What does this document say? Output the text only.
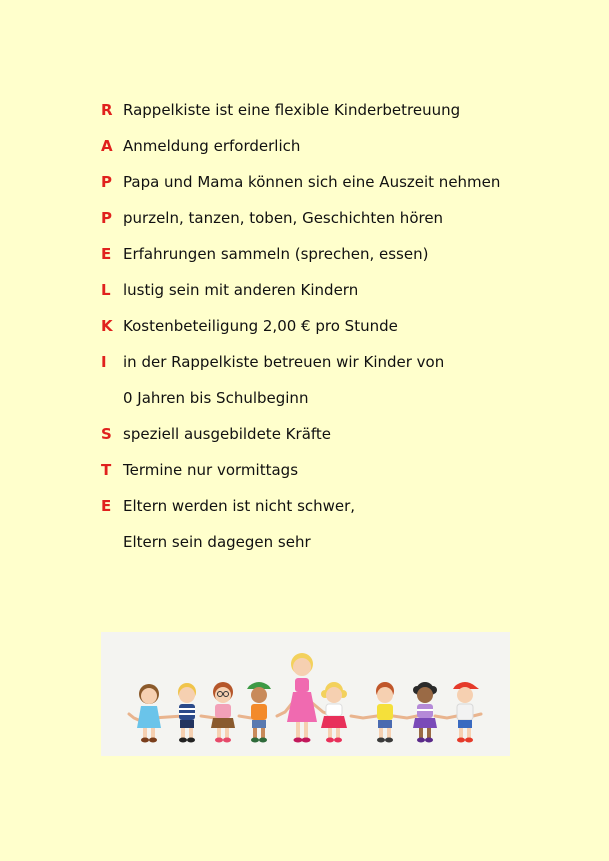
R Rappelkiste ist eine flexible Kinderbetreuung
A Anmeldung erforderlich
P Papa und Mama können sich eine Auszeit nehmen
P purzeln, tanzen, toben, Geschichten hören
E Erfahrungen sammeln (sprechen, essen)
L lustig sein mit anderen Kindern
K Kostenbeteiligung 2,00 € pro Stunde
I in der Rappelkiste betreuen wir Kinder von
0 Jahren bis Schulbeginn
S speziell ausgebildete Kräfte
T Termine nur vormittags
E Eltern werden ist nicht schwer,
Eltern sein dagegen sehr
